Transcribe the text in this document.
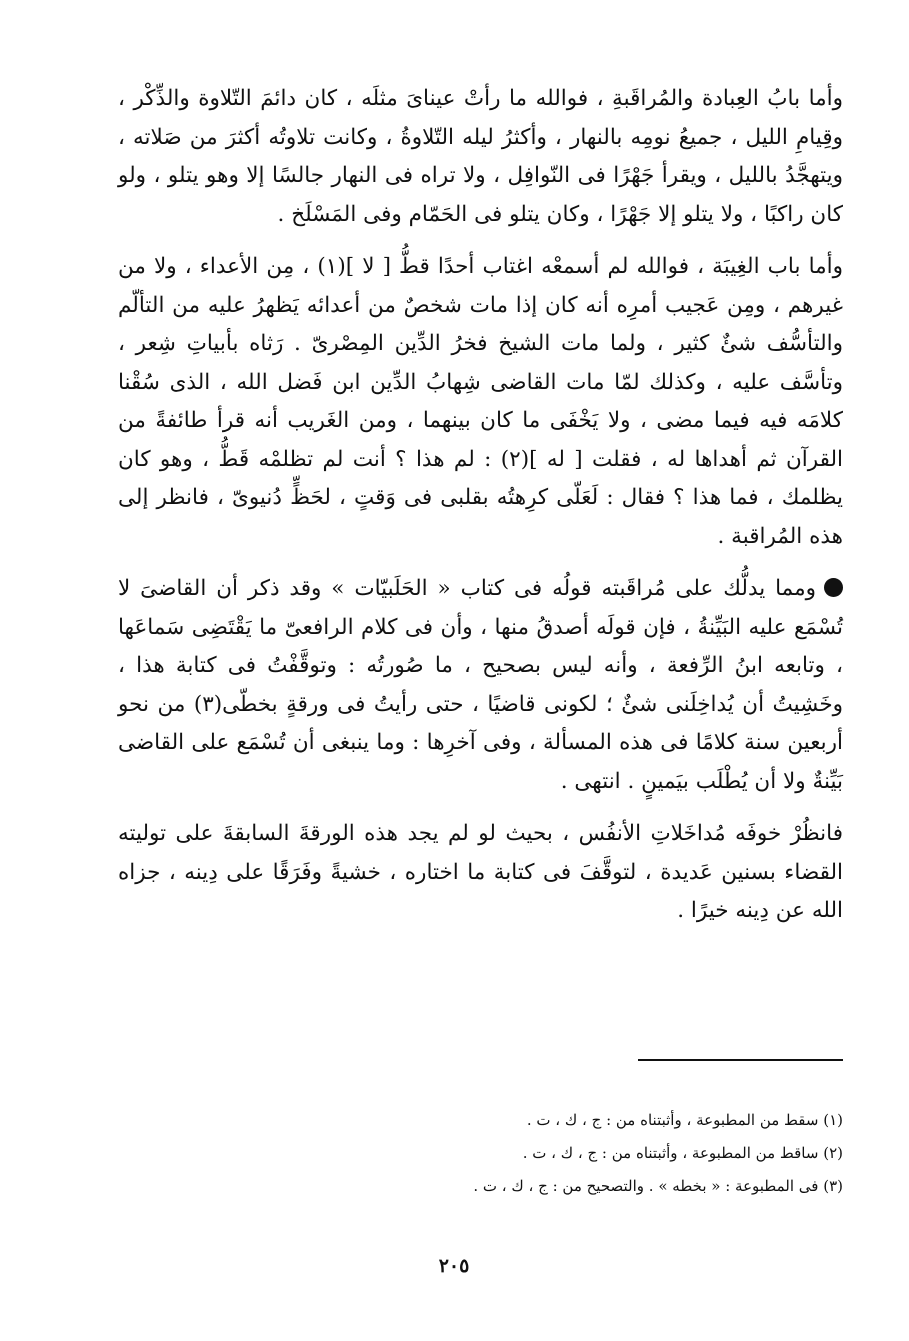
وأما بابُ العِبادة والمُراقَبةِ ، فوالله ما رأتْ عيناىَ مثلَه ، كان دائمَ التّلاوة والذِّكْر ، وقِيامِ الليل ، جميعُ نومِه بالنهار ، وأكثرُ ليله التّلاوةُ ، وكانت تلاوتُه أكثرَ من صَلاته ، ويتهجَّدُ بالليل ، ويقرأ جَهْرًا فى النّوافِل ، ولا تراه فى النهار جالسًا إلا وهو يتلو ، ولو كان راكبًا ، ولا يتلو إلا جَهْرًا ، وكان يتلو فى الحَمّام وفى المَسْلَخ .

وأما باب الغِيبَة ، فوالله لم أسمعْه اغتاب أحدًا قطُّ [ لا ](١) ، مِن الأعداء ، ولا من غيرهم ، ومِن عَجيب أمرِه أنه كان إذا مات شخصٌ من أعدائه يَظهرُ عليه من التألّم والتأسُّف شئٌ كثير ، ولما مات الشيخ فخرُ الدِّين المِصْرىّ . رَثاه بأبياتِ شِعر ، وتأسَّف عليه ، وكذلك لمّا مات القاضى شِهابُ الدِّين ابن فَضل الله ، الذى سُقْنا كلامَه فيه فيما مضى ، ولا يَخْفَى ما كان بينهما ، ومن الغَريب أنه قرأ طائفةً من القرآن ثم أهداها له ، فقلت [ له ](٢) : لم هذا ؟ أنت لم تظلمْه قَطُّ ، وهو كان يظلمك ، فما هذا ؟ فقال : لَعَلّى كرِهتُه بقلبى فى وَقتٍ ، لحَظٍّ دُنيوىّ ، فانظر إلى هذه المُراقبة .

ومما يدلُّك على مُراقَبته قولُه فى كتاب « الحَلَبيّات » وقد ذكر أن القاضىَ لا تُسْمَع عليه البَيِّنةُ ، فإن قولَه أصدقُ منها ، وأن فى كلام الرافعىّ ما يَقْتَضِى سَماعَها ، وتابعه ابنُ الرِّفعة ، وأنه ليس بصحيح ، ما صُورتُه : وتوقَّفْتُ فى كتابة هذا ، وخَشِيتُ أن يُداخِلَنى شئٌ ؛ لكونى قاضيًا ، حتى رأيتُ فى ورقةٍ بخطّى(٣) من نحو أربعين سنة كلامًا فى هذه المسألة ، وفى آخرِها : وما ينبغى أن تُسْمَع على القاضى بَيِّنةٌ ولا أن يُطْلَب بيَمينٍ . انتهى .

فانظُرْ خوفَه مُداخَلاتِ الأنفُس ، بحيث لو لم يجد هذه الورقةَ السابقةَ على توليته القضاء بسنين عَديدة ، لتوقَّفَ فى كتابة ما اختاره ، خشيةً وفَرَقًا على دِينه ، جزاه الله عن دِينه خيرًا .

(١) سقط من المطبوعة ، وأثبتناه من : ج ، ك ، ت .
(٢) ساقط من المطبوعة ، وأثبتناه من : ج ، ك ، ت .
(٣) فى المطبوعة : « بخطه » . والتصحيح من : ج ، ك ، ت .
٢٠٥
